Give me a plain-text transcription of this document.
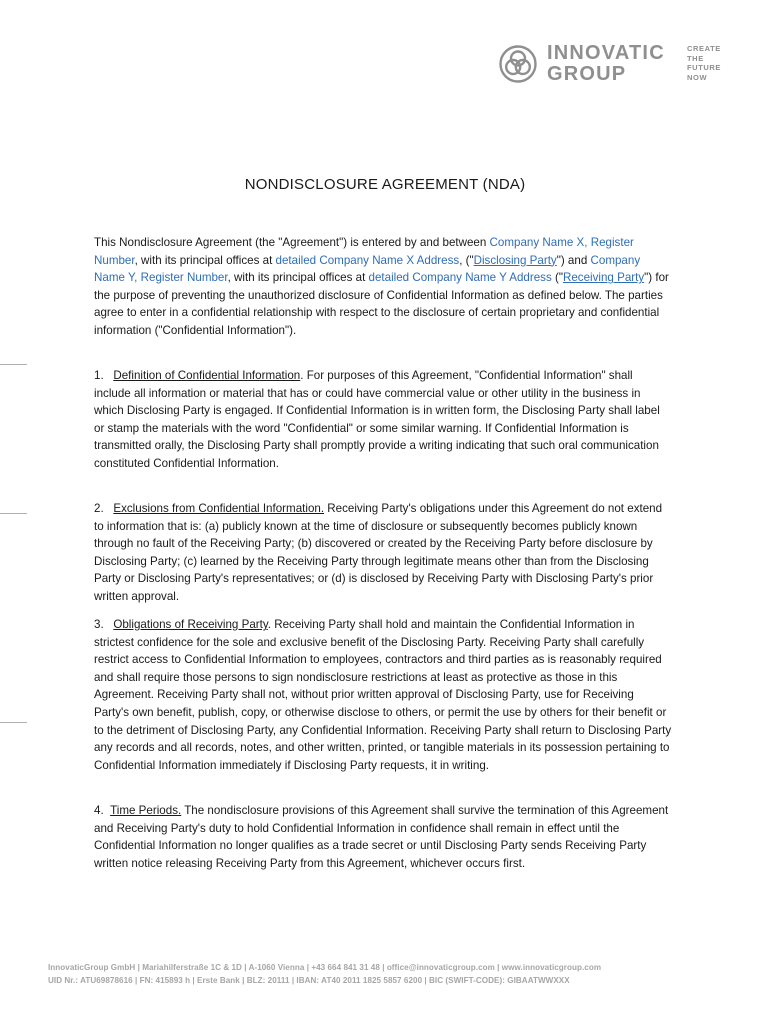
INNOVATIC
GROUP
CREATE
THE
FUTURE
NOW
NONDISCLOSURE AGREEMENT (NDA)

This Nondisclosure Agreement (the "Agreement") is entered by and between Company Name X, Register Number, with its principal offices at detailed Company Name X Address, ("Disclosing Party") and Company Name Y, Register Number, with its principal offices at detailed Company Name Y Address ("Receiving Party") for the purpose of preventing the unauthorized disclosure of Confidential Information as defined below. The parties agree to enter in a confidential relationship with respect to the disclosure of certain proprietary and confidential information ("Confidential Information").

1. Definition of Confidential Information. For purposes of this Agreement, "Confidential Information" shall include all information or material that has or could have commercial value or other utility in the business in which Disclosing Party is engaged. If Confidential Information is in written form, the Disclosing Party shall label or stamp the materials with the word "Confidential" or some similar warning. If Confidential Information is transmitted orally, the Disclosing Party shall promptly provide a writing indicating that such oral communication constituted Confidential Information.

2. Exclusions from Confidential Information. Receiving Party's obligations under this Agreement do not extend to information that is: (a) publicly known at the time of disclosure or subsequently becomes publicly known through no fault of the Receiving Party; (b) discovered or created by the Receiving Party before disclosure by Disclosing Party; (c) learned by the Receiving Party through legitimate means other than from the Disclosing Party or Disclosing Party's representatives; or (d) is disclosed by Receiving Party with Disclosing Party's prior written approval.

3. Obligations of Receiving Party. Receiving Party shall hold and maintain the Confidential Information in strictest confidence for the sole and exclusive benefit of the Disclosing Party. Receiving Party shall carefully restrict access to Confidential Information to employees, contractors and third parties as is reasonably required and shall require those persons to sign nondisclosure restrictions at least as protective as those in this Agreement. Receiving Party shall not, without prior written approval of Disclosing Party, use for Receiving Party's own benefit, publish, copy, or otherwise disclose to others, or permit the use by others for their benefit or to the detriment of Disclosing Party, any Confidential Information. Receiving Party shall return to Disclosing Party any records and all records, notes, and other written, printed, or tangible materials in its possession pertaining to Confidential Information immediately if Disclosing Party requests, it in writing.

4. Time Periods. The nondisclosure provisions of this Agreement shall survive the termination of this Agreement and Receiving Party's duty to hold Confidential Information in confidence shall remain in effect until the Confidential Information no longer qualifies as a trade secret or until Disclosing Party sends Receiving Party written notice releasing Receiving Party from this Agreement, whichever occurs first.

InnovaticGroup GmbH | Mariahilferstraße 1C & 1D | A-1060 Vienna | +43 664 841 31 48 | office@innovaticgroup.com | www.innovaticgroup.com
UID Nr.: ATU69878616 | FN: 415893 h | Erste Bank | BLZ: 20111 | IBAN: AT40 2011 1825 5857 6200 | BIC (SWIFT-CODE): GIBAATWWXXX
